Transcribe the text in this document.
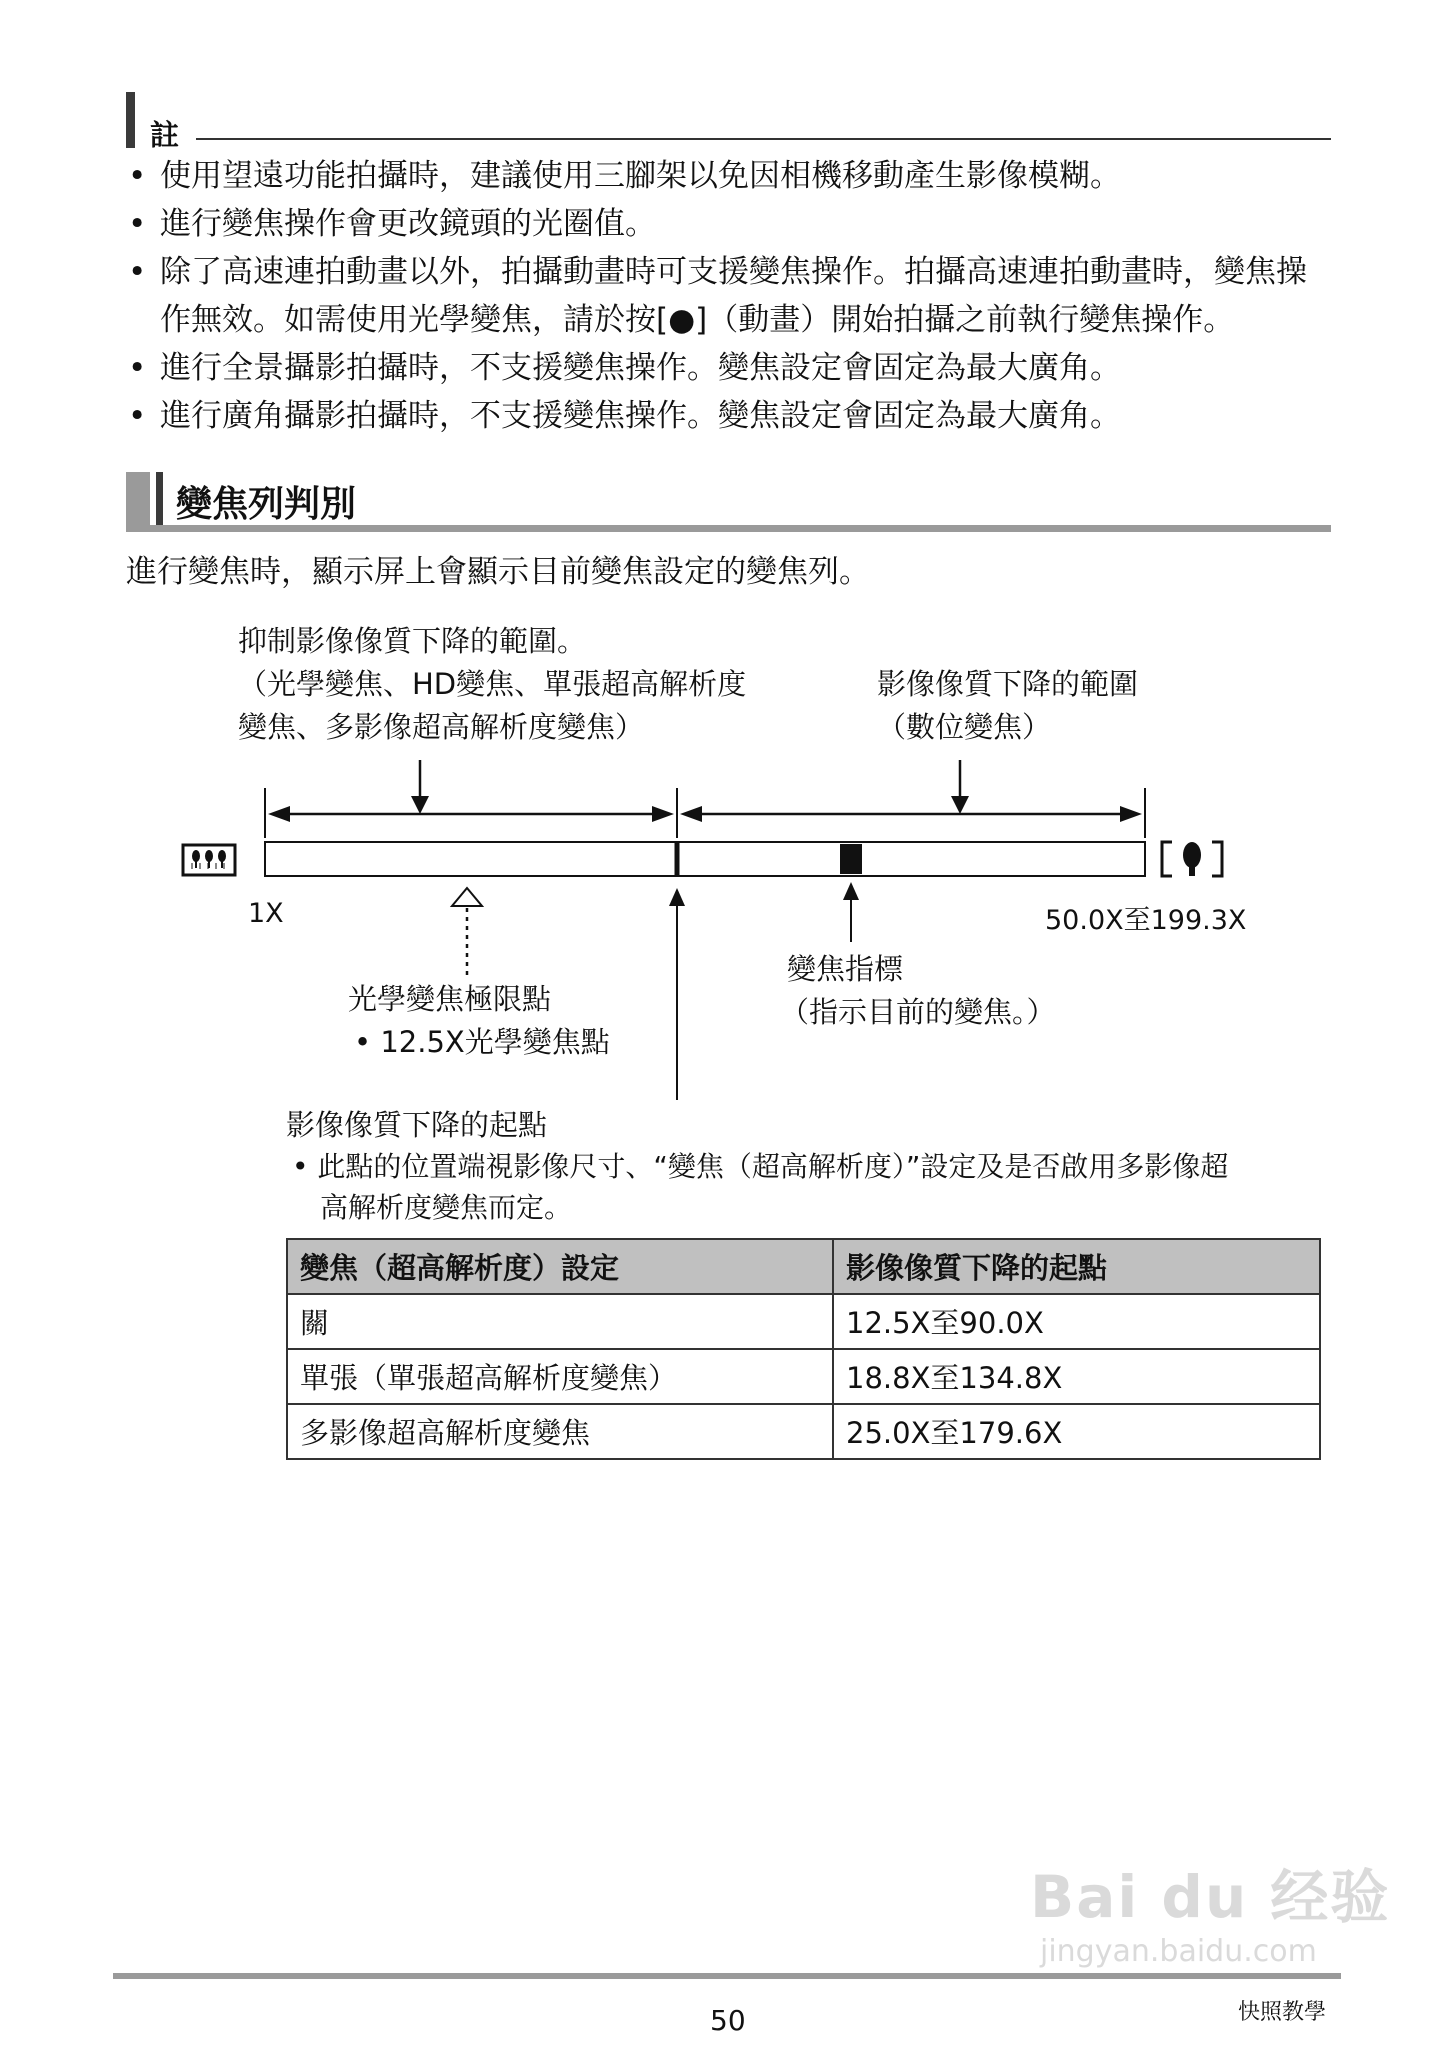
註
• 使用望遠功能拍攝時，建議使用三腳架以免因相機移動產生影像模糊。
• 進行變焦操作會更改鏡頭的光圈值。
• 除了高速連拍動畫以外，拍攝動畫時可支援變焦操作。拍攝高速連拍動畫時，變焦操作無效。如需使用光學變焦，請於按[●]（動畫）開始拍攝之前執行變焦操作。
• 進行全景攝影拍攝時，不支援變焦操作。變焦設定會固定為最大廣角。
• 進行廣角攝影拍攝時，不支援變焦操作。變焦設定會固定為最大廣角。
變焦列判別
進行變焦時，顯示屏上會顯示目前變焦設定的變焦列。
抑制影像像質下降的範圍。
（光學變焦、HD變焦、單張超高解析度
變焦、多影像超高解析度變焦）
影像像質下降的範圍
（數位變焦）
1X	50.0X至199.3X
光學變焦極限點
• 12.5X光學變焦點
變焦指標
（指示目前的變焦。）
影像像質下降的起點
• 此點的位置端視影像尺寸、“變焦（超高解析度）”設定及是否啟用多影像超
高解析度變焦而定。
變焦（超高解析度）設定	影像像質下降的起點
關	12.5X至90.0X
單張（單張超高解析度變焦）	18.8X至134.8X
多影像超高解析度變焦	25.0X至179.6X
Bai du 经验
jingyan.baidu.com
50	快照教學
